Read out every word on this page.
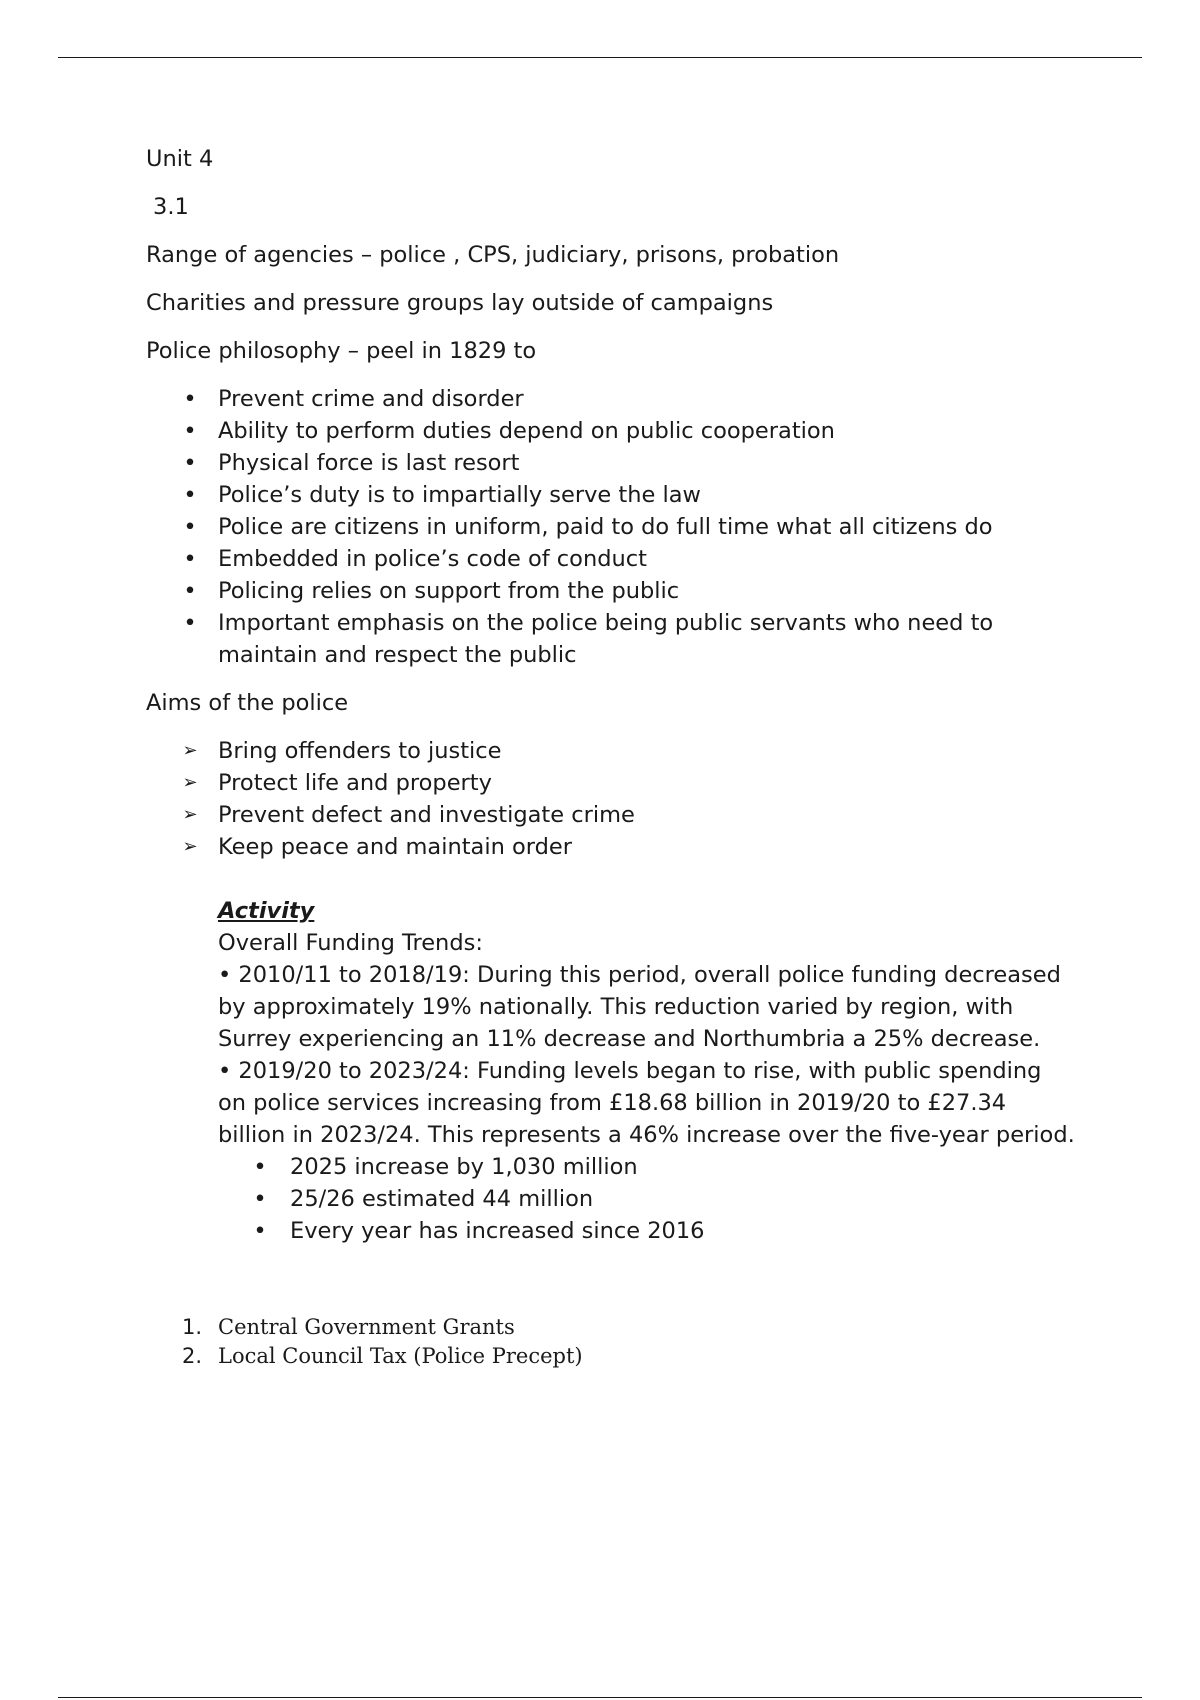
Unit 4

3.1

Range of agencies – police , CPS, judiciary, prisons, probation

Charities and pressure groups lay outside of campaigns

Police philosophy – peel in 1829 to

• Prevent crime and disorder
• Ability to perform duties depend on public cooperation
• Physical force is last resort
• Police’s duty is to impartially serve the law
• Police are citizens in uniform, paid to do full time what all citizens do
• Embedded in police’s code of conduct
• Policing relies on support from the public
• Important emphasis on the police being public servants who need to maintain and respect the public

Aims of the police

➢ Bring offenders to justice
➢ Protect life and property
➢ Prevent defect and investigate crime
➢ Keep peace and maintain order
Activity
Overall Funding Trends:
• 2010/11 to 2018/19: During this period, overall police funding decreased by approximately 19% nationally. This reduction varied by region, with Surrey experiencing an 11% decrease and Northumbria a 25% decrease.
• 2019/20 to 2023/24: Funding levels began to rise, with public spending on police services increasing from £18.68 billion in 2019/20 to £27.34 billion in 2023/24. This represents a 46% increase over the five-year period.
• 2025 increase by 1,030 million
• 25/26 estimated 44 million
• Every year has increased since 2016
1. Central Government Grants
2. Local Council Tax (Police Precept)
